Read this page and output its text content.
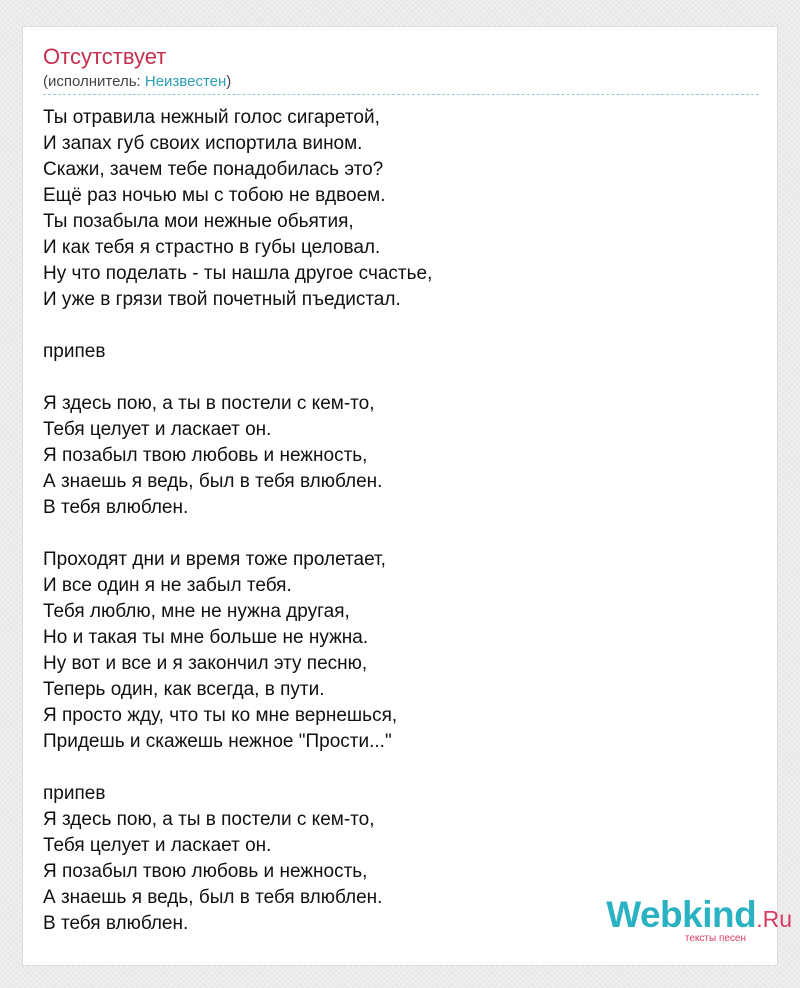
Отсутствует
(исполнитель: Неизвестен)
Ты отравила нежный голос сигаретой,
И запах губ своих испортила вином.
Скажи, зачем тебе понадобилась это?
Ещё раз ночью мы с тобою не вдвоем.
Ты позабыла мои нежные обьятия,
И как тебя я страстно в губы целовал.
Ну что поделать - ты нашла другое счастье,
И уже в грязи твой почетный пъедистал.
припев
Я здесь пою, а ты в постели с кем-то,
Тебя целует и ласкает он.
Я позабыл твою любовь и нежность,
А знаешь я ведь, был в тебя влюблен.
В тебя влюблен.
Проходят дни и время тоже пролетает,
И все один я не забыл тебя.
Тебя люблю, мне не нужна другая,
Но и такая ты мне больше не нужна.
Ну вот и все и я закончил эту песню,
Теперь один, как всегда, в пути.
Я просто жду, что ты ко мне вернешься,
Придешь и скажешь нежное "Прости..."
припев
Я здесь пою, а ты в постели с кем-то,
Тебя целует и ласкает он.
Я позабыл твою любовь и нежность,
А знаешь я ведь, был в тебя влюблен.
В тебя влюблен.	Webkind.Ru
тексты песен
